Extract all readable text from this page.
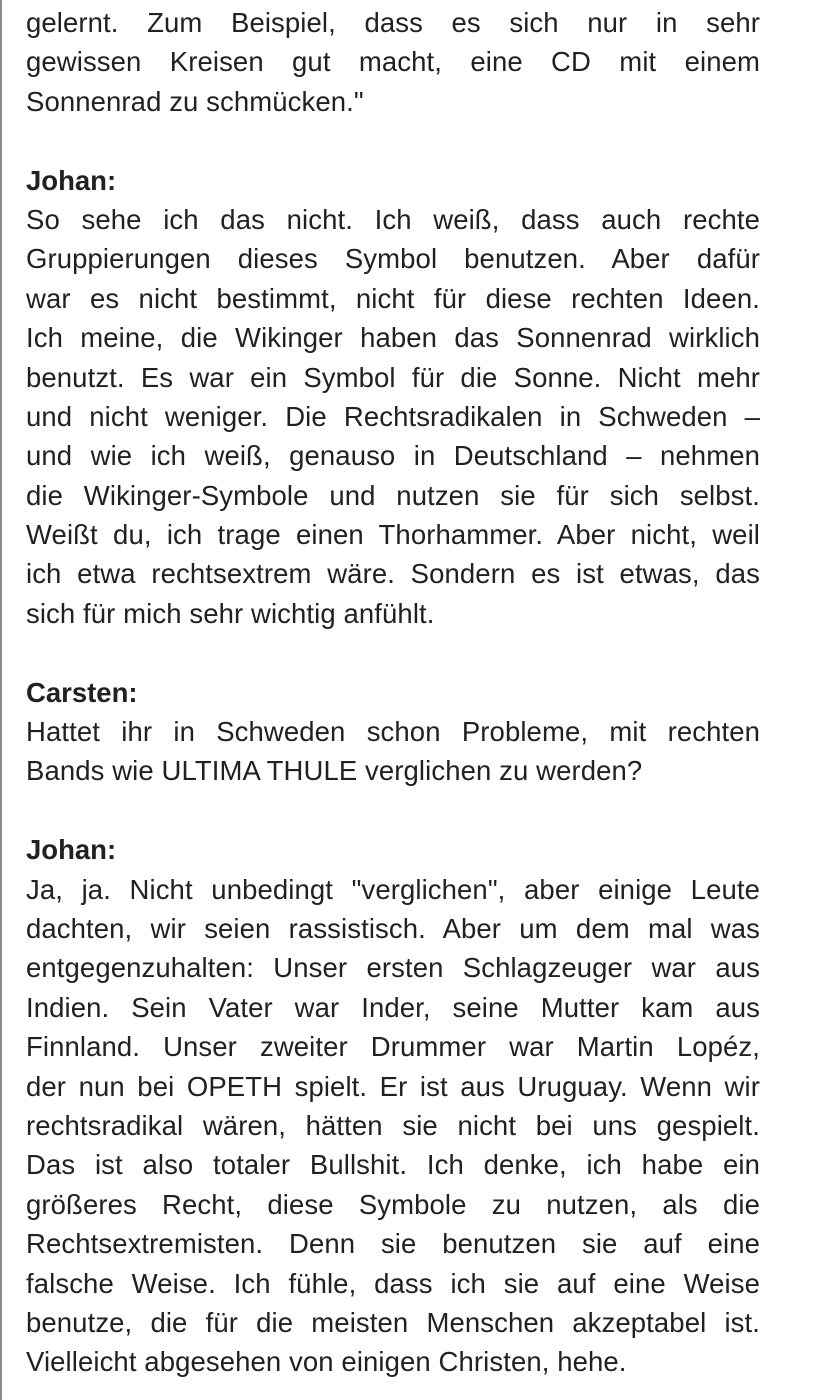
gelernt. Zum Beispiel, dass es sich nur in sehr
gewissen Kreisen gut macht, eine CD mit einem
Sonnenrad zu schmücken."
Johan:
So sehe ich das nicht. Ich weiß, dass auch rechte
Gruppierungen dieses Symbol benutzen. Aber dafür
war es nicht bestimmt, nicht für diese rechten Ideen.
Ich meine, die Wikinger haben das Sonnenrad wirklich
benutzt. Es war ein Symbol für die Sonne. Nicht mehr
und nicht weniger. Die Rechtsradikalen in Schweden –
und wie ich weiß, genauso in Deutschland – nehmen
die Wikinger-Symbole und nutzen sie für sich selbst.
Weißt du, ich trage einen Thorhammer. Aber nicht, weil
ich etwa rechtsextrem wäre. Sondern es ist etwas, das
sich für mich sehr wichtig anfühlt.
Carsten:
Hattet ihr in Schweden schon Probleme, mit rechten
Bands wie ULTIMA THULE verglichen zu werden?
Johan:
Ja, ja. Nicht unbedingt "verglichen", aber einige Leute
dachten, wir seien rassistisch. Aber um dem mal was
entgegenzuhalten: Unser ersten Schlagzeuger war aus
Indien. Sein Vater war Inder, seine Mutter kam aus
Finnland. Unser zweiter Drummer war Martin Lopéz,
der nun bei OPETH spielt. Er ist aus Uruguay. Wenn wir
rechtsradikal wären, hätten sie nicht bei uns gespielt.
Das ist also totaler Bullshit. Ich denke, ich habe ein
größeres Recht, diese Symbole zu nutzen, als die
Rechtsextremisten. Denn sie benutzen sie auf eine
falsche Weise. Ich fühle, dass ich sie auf eine Weise
benutze, die für die meisten Menschen akzeptabel ist.
Vielleicht abgesehen von einigen Christen, hehe.
